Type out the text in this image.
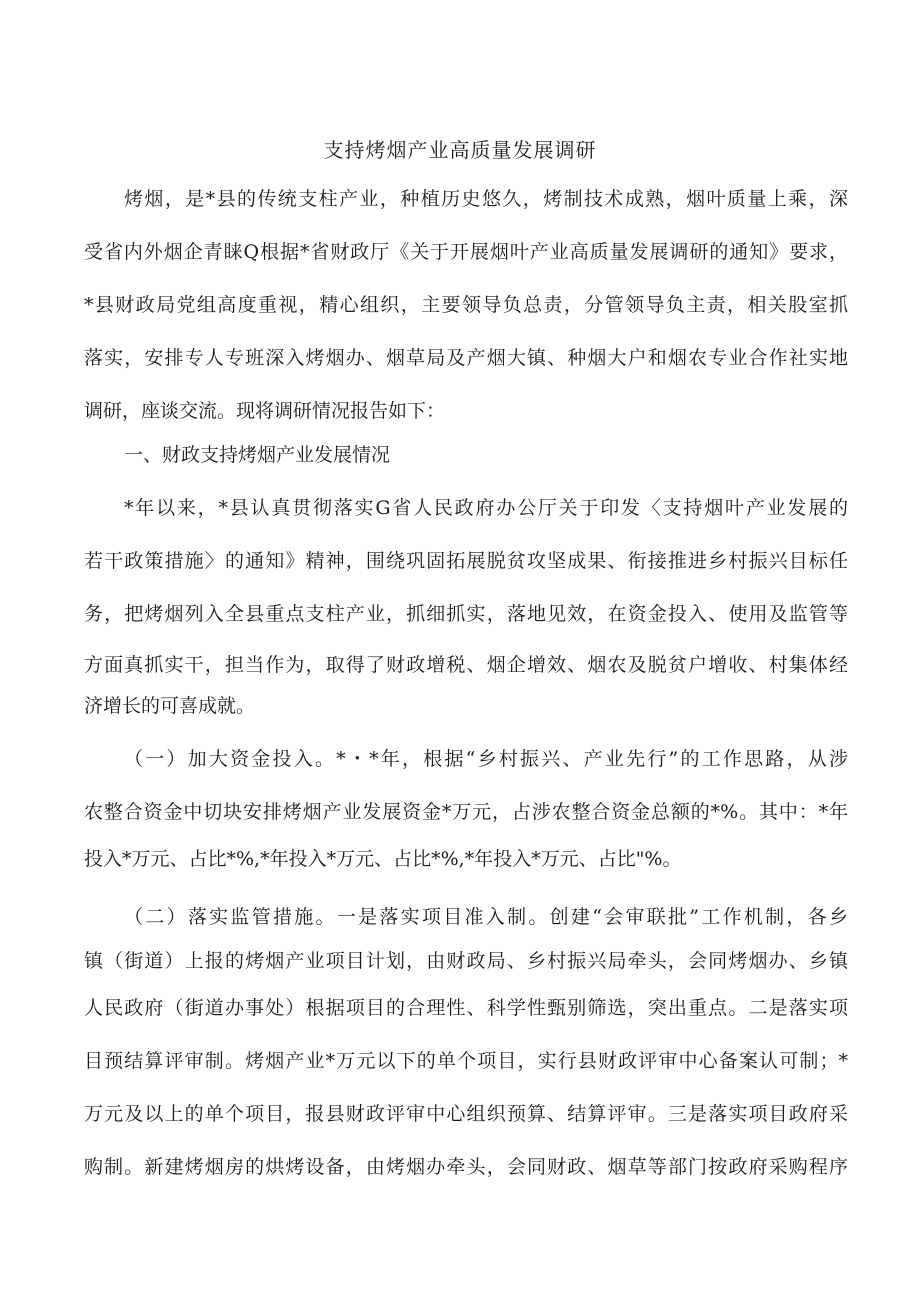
支持烤烟产业高质量发展调研
烤烟，是*县的传统支柱产业，种植历史悠久，烤制技术成熟，烟叶质量上乘，深
受省内外烟企青睐Q根据*省财政厅《关于开展烟叶产业高质量发展调研的通知》要求，
*县财政局党组高度重视，精心组织，主要领导负总责，分管领导负主责，相关股室抓
落实，安排专人专班深入烤烟办、烟草局及产烟大镇、种烟大户和烟农专业合作社实地
调研，座谈交流。现将调研情况报告如下：
一、财政支持烤烟产业发展情况
*年以来，*县认真贯彻落实G省人民政府办公厅关于印发〈支持烟叶产业发展的
若干政策措施〉的通知》精神，围绕巩固拓展脱贫攻坚成果、衔接推进乡村振兴目标任
务，把烤烟列入全县重点支柱产业，抓细抓实，落地见效，在资金投入、使用及监管等
方面真抓实干，担当作为，取得了财政增税、烟企增效、烟农及脱贫户增收、村集体经
济增长的可喜成就。
（一）加大资金投入。*・*年，根据“乡村振兴、产业先行”的工作思路，从涉
农整合资金中切块安排烤烟产业发展资金*万元，占涉农整合资金总额的*%。其中：*年
投入*万元、占比*%,*年投入*万元、占比*%,*年投入*万元、占比"%。
（二）落实监管措施。一是落实项目准入制。创建“会审联批”工作机制，各乡
镇（街道）上报的烤烟产业项目计划，由财政局、乡村振兴局牵头，会同烤烟办、乡镇
人民政府（街道办事处）根据项目的合理性、科学性甄别筛选，突出重点。二是落实项
目预结算评审制。烤烟产业*万元以下的单个项目，实行县财政评审中心备案认可制；*
万元及以上的单个项目，报县财政评审中心组织预算、结算评审。三是落实项目政府采
购制。新建烤烟房的烘烤设备，由烤烟办牵头，会同财政、烟草等部门按政府采购程序
